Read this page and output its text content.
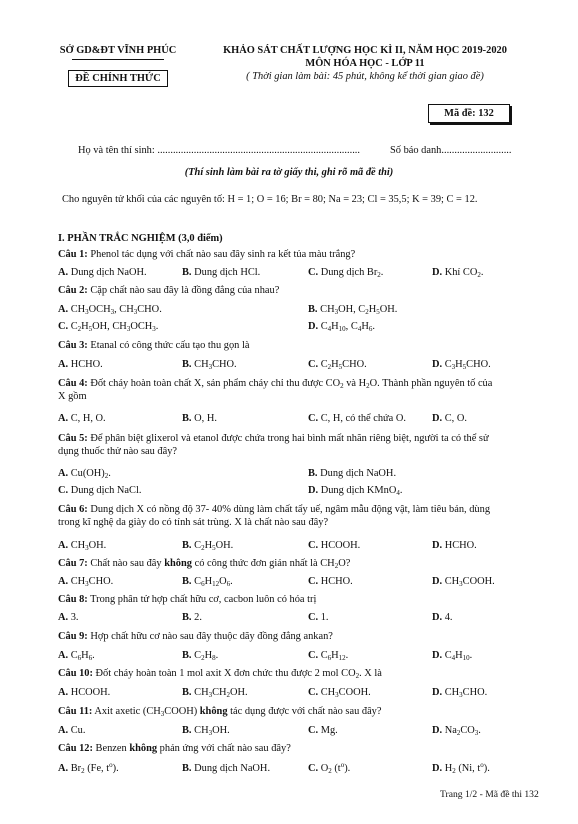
SỞ GD&ĐT VĨNH PHÚC
ĐỀ CHÍNH THỨC
KHẢO SÁT CHẤT LƯỢNG HỌC KÌ II, NĂM HỌC 2019-2020
MÔN HÓA HỌC - LỚP 11
( Thời gian làm bài: 45 phút, không kể thời gian giao đề)
Mã đề: 132
Họ và tên thí sinh: ..............................................................................	Số báo danh...........................
(Thí sinh làm bài ra tờ giấy thi, ghi rõ mã đề thi)
Cho nguyên tử khối của các nguyên tố: H = 1; O = 16; Br = 80; Na = 23; Cl = 35,5; K = 39; C = 12.
I. PHẦN TRẮC NGHIỆM (3,0 điểm)
Câu 1: Phenol tác dụng với chất nào sau đây sinh ra kết tủa màu trắng?
A. Dung dịch NaOH.	B. Dung dịch HCl.	C. Dung dịch $Br_2$.	D. Khí $CO_2$.
Câu 2: Cặp chất nào sau đây là đồng đẳng của nhau?
A. $CH_3OCH_3$, $CH_3CHO$.	B. $CH_3OH$, $C_2H_5OH$.
C. $C_2H_5OH$, $CH_3OCH_3$.	D. $C_4H_{10}$, $C_4H_6$.
Câu 3: Etanal có công thức cấu tạo thu gọn là
A. HCHO.	B. $CH_3CHO$.	C. $C_2H_5CHO$.	D. $C_3H_5CHO$.
Câu 4: Đốt cháy hoàn toàn chất X, sản phẩm cháy chỉ thu được $CO_2$ và $H_2O$. Thành phần nguyên tố của
X gồm
A. C, H, O.	B. O, H.	C. C, H, có thể chứa O.	D. C, O.
Câu 5: Để phân biệt glixerol và etanol được chứa trong hai bình mất nhãn riêng biệt, người ta có thể sử
dụng thuốc thử nào sau đây?
A. $Cu(OH)_2$.	B. Dung dịch NaOH.
C. Dung dịch NaCl.	D. Dung dịch KMnO$_4$.
Câu 6: Dung dịch X có nồng độ 37- 40% dùng làm chất tẩy uế, ngâm mẫu động vật, làm tiêu bản, dùng
trong kĩ nghệ da giày do có tính sát trùng. X là chất nào sau đây?
A. $CH_3OH$.	B. $C_2H_5OH$.	C. HCOOH.	D. HCHO.
Câu 7: Chất nào sau đây không có công thức đơn giản nhất là $CH_2O$?
A. $CH_3CHO$.	B. $C_6H_{12}O_6$.	C. HCHO.	D. $CH_3COOH$.
Câu 8: Trong phân tử hợp chất hữu cơ, cacbon luôn có hóa trị
A. 3.	B. 2.	C. 1.	D. 4.
Câu 9: Hợp chất hữu cơ nào sau đây thuộc dãy đồng đẳng ankan?
A. $C_6H_6$.	B. $C_2H_8$.	C. $C_6H_{12}$.	D. $C_4H_{10}$.
Câu 10: Đốt cháy hoàn toàn 1 mol axit X đơn chức thu được 2 mol $CO_2$. X là
A. HCOOH.	B. $CH_3CH_2OH$.	C. $CH_3COOH$.	D. $CH_3CHO$.
Câu 11: Axit axetic $(CH_3COOH)$ không tác dụng được với chất nào sau đây?
A. Cu.	B. $CH_3OH$.	C. Mg.	D. $Na_2CO_3$.
Câu 12: Benzen không phản ứng với chất nào sau đây?
A. $Br_2$ (Fe, $t^o$).	B. Dung dịch NaOH.	C. $O_2$ $(t^o)$.	D. $H_2$ (Ni, $t^o$).
Trang 1/2 - Mã đề thi 132
